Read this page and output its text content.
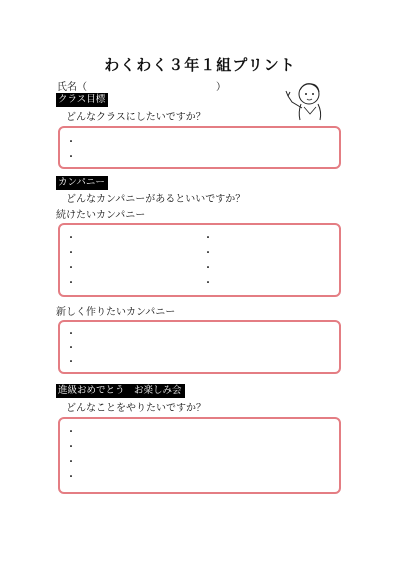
わくわく３年１組プリント
氏名（	）
クラス目標
どんなクラスにしたいですか？
・
・
カンパニー
どんなカンパニーがあるといいですか？
続けたいカンパニー
・
・
・
・
・
・
・
・
新しく作りたいカンパニー
・
・
・
進級おめでとう　お楽しみ会
どんなことをやりたいですか？
・
・
・
・
